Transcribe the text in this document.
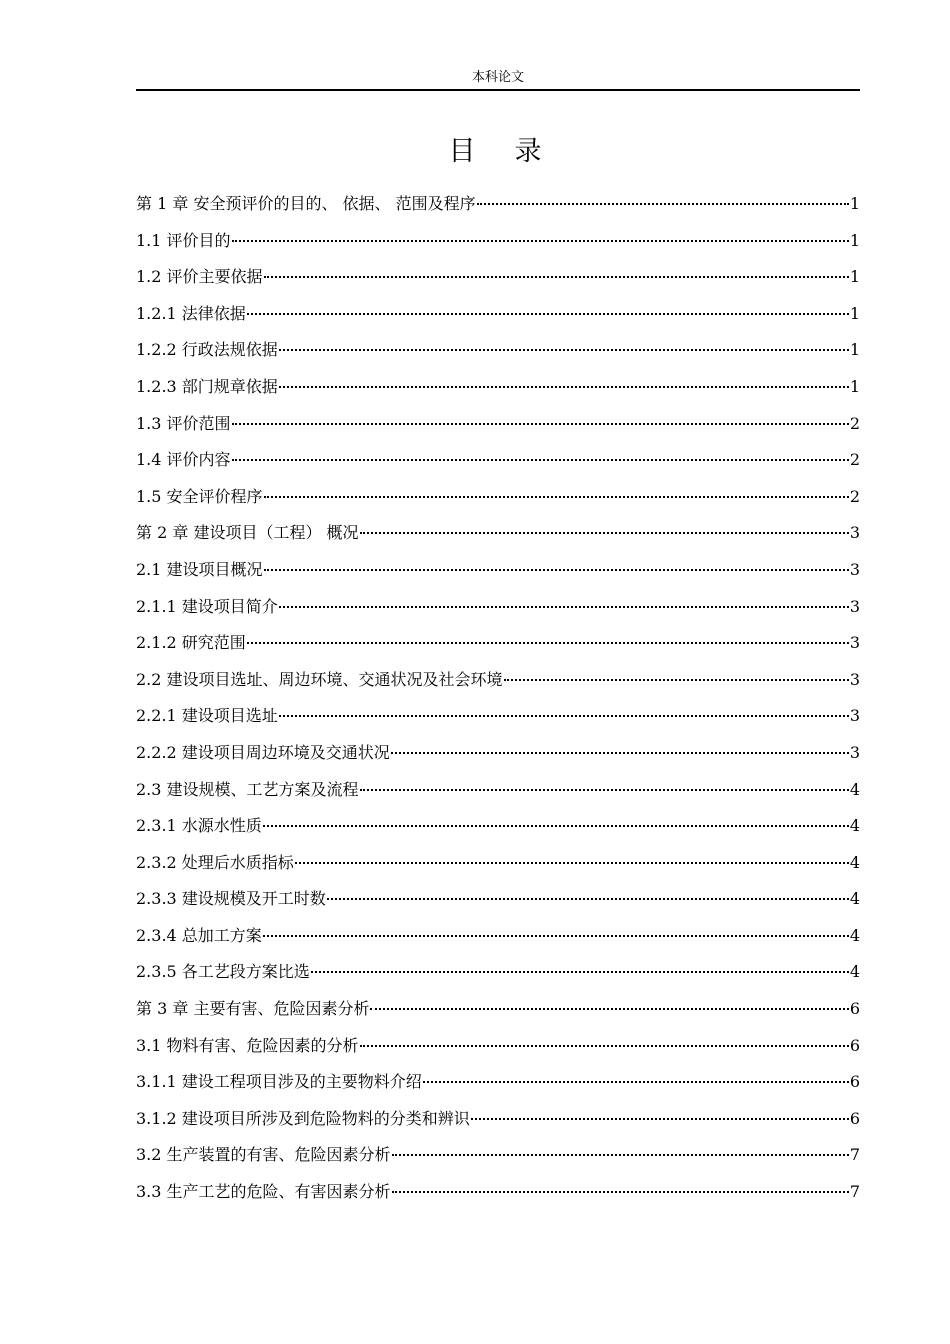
本科论文
目　录
第 1 章 安全预评价的目的、 依据、 范围及程序	1
1.1 评价目的	1
1.2 评价主要依据	1
1.2.1 法律依据	1
1.2.2 行政法规依据	1
1.2.3 部门规章依据	1
1.3 评价范围	2
1.4 评价内容	2
1.5 安全评价程序	2
第 2 章 建设项目（工程） 概况	3
2.1 建设项目概况	3
2.1.1 建设项目简介	3
2.1.2 研究范围	3
2.2 建设项目选址、周边环境、交通状况及社会环境	3
2.2.1 建设项目选址	3
2.2.2 建设项目周边环境及交通状况	3
2.3 建设规模、工艺方案及流程	4
2.3.1 水源水性质	4
2.3.2 处理后水质指标	4
2.3.3 建设规模及开工时数	4
2.3.4 总加工方案	4
2.3.5 各工艺段方案比选	4
第 3 章 主要有害、危险因素分析	6
3.1 物料有害、危险因素的分析	6
3.1.1 建设工程项目涉及的主要物料介绍	6
3.1.2 建设项目所涉及到危险物料的分类和辨识	6
3.2 生产装置的有害、危险因素分析	7
3.3 生产工艺的危险、有害因素分析	7
